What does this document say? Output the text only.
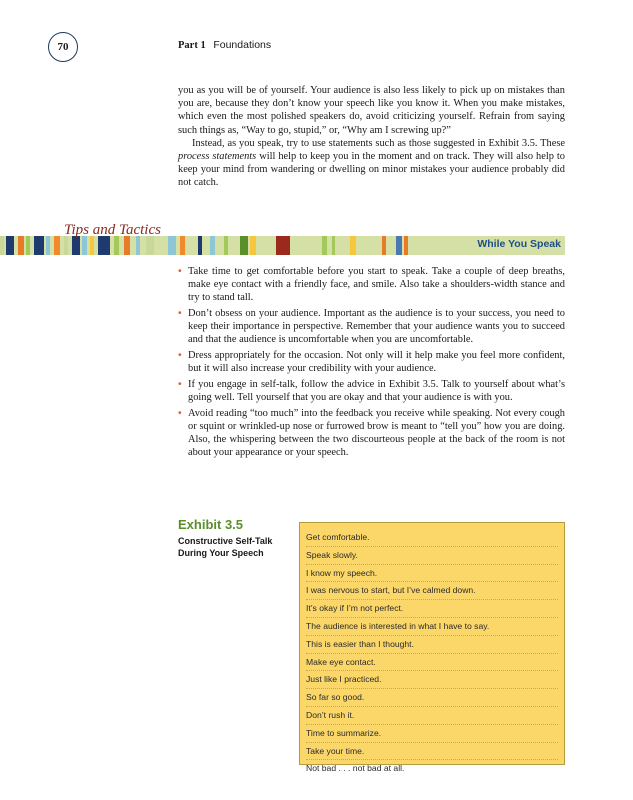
70	Part 1 Foundations

you as you will be of yourself. Your audience is also less likely to pick up on mistakes than you are, because they don’t know your speech like you know it. When you make mistakes, which even the most polished speakers do, avoid criticizing yourself. Refrain from saying such things as, “Way to go, stupid,” or, “Why am I screwing up?”

Instead, as you speak, try to use statements such as those suggested in Exhibit 3.5. These process statements will help to keep you in the moment and on track. They will also help to keep your mind from wandering or dwelling on minor mistakes your audience probably did not catch.

While You Speak
Tips and Tactics
• Take time to get comfortable before you start to speak. Take a couple of deep breaths, make eye contact with a friendly face, and smile. Also take a shoulders-width stance and try to stand tall.
• Don’t obsess on your audience. Important as the audience is to your success, you need to keep their importance in perspective. Remember that your audience wants you to succeed and that the audience is uncomfortable when you are uncomfortable.
• Dress appropriately for the occasion. Not only will it help make you feel more confident, but it will also increase your credibility with your audience.
• If you engage in self-talk, follow the advice in Exhibit 3.5. Talk to yourself about what’s going well. Tell yourself that you are okay and that your audience is with you.
• Avoid reading “too much” into the feedback you receive while speaking. Not every cough or squint or wrinkled-up nose or furrowed brow is meant to “tell you” how you are doing. Also, the whispering between the two discourteous people at the back of the room is not about your appearance or your speech.
Exhibit 3.5
Constructive Self-Talk During Your Speech
Get comfortable.
Speak slowly.
I know my speech.
I was nervous to start, but I’ve calmed down.
It’s okay if I’m not perfect.
The audience is interested in what I have to say.
This is easier than I thought.
Make eye contact.
Just like I practiced.
So far so good.
Don’t rush it.
Time to summarize.
Take your time.
Not bad . . . not bad at all.
